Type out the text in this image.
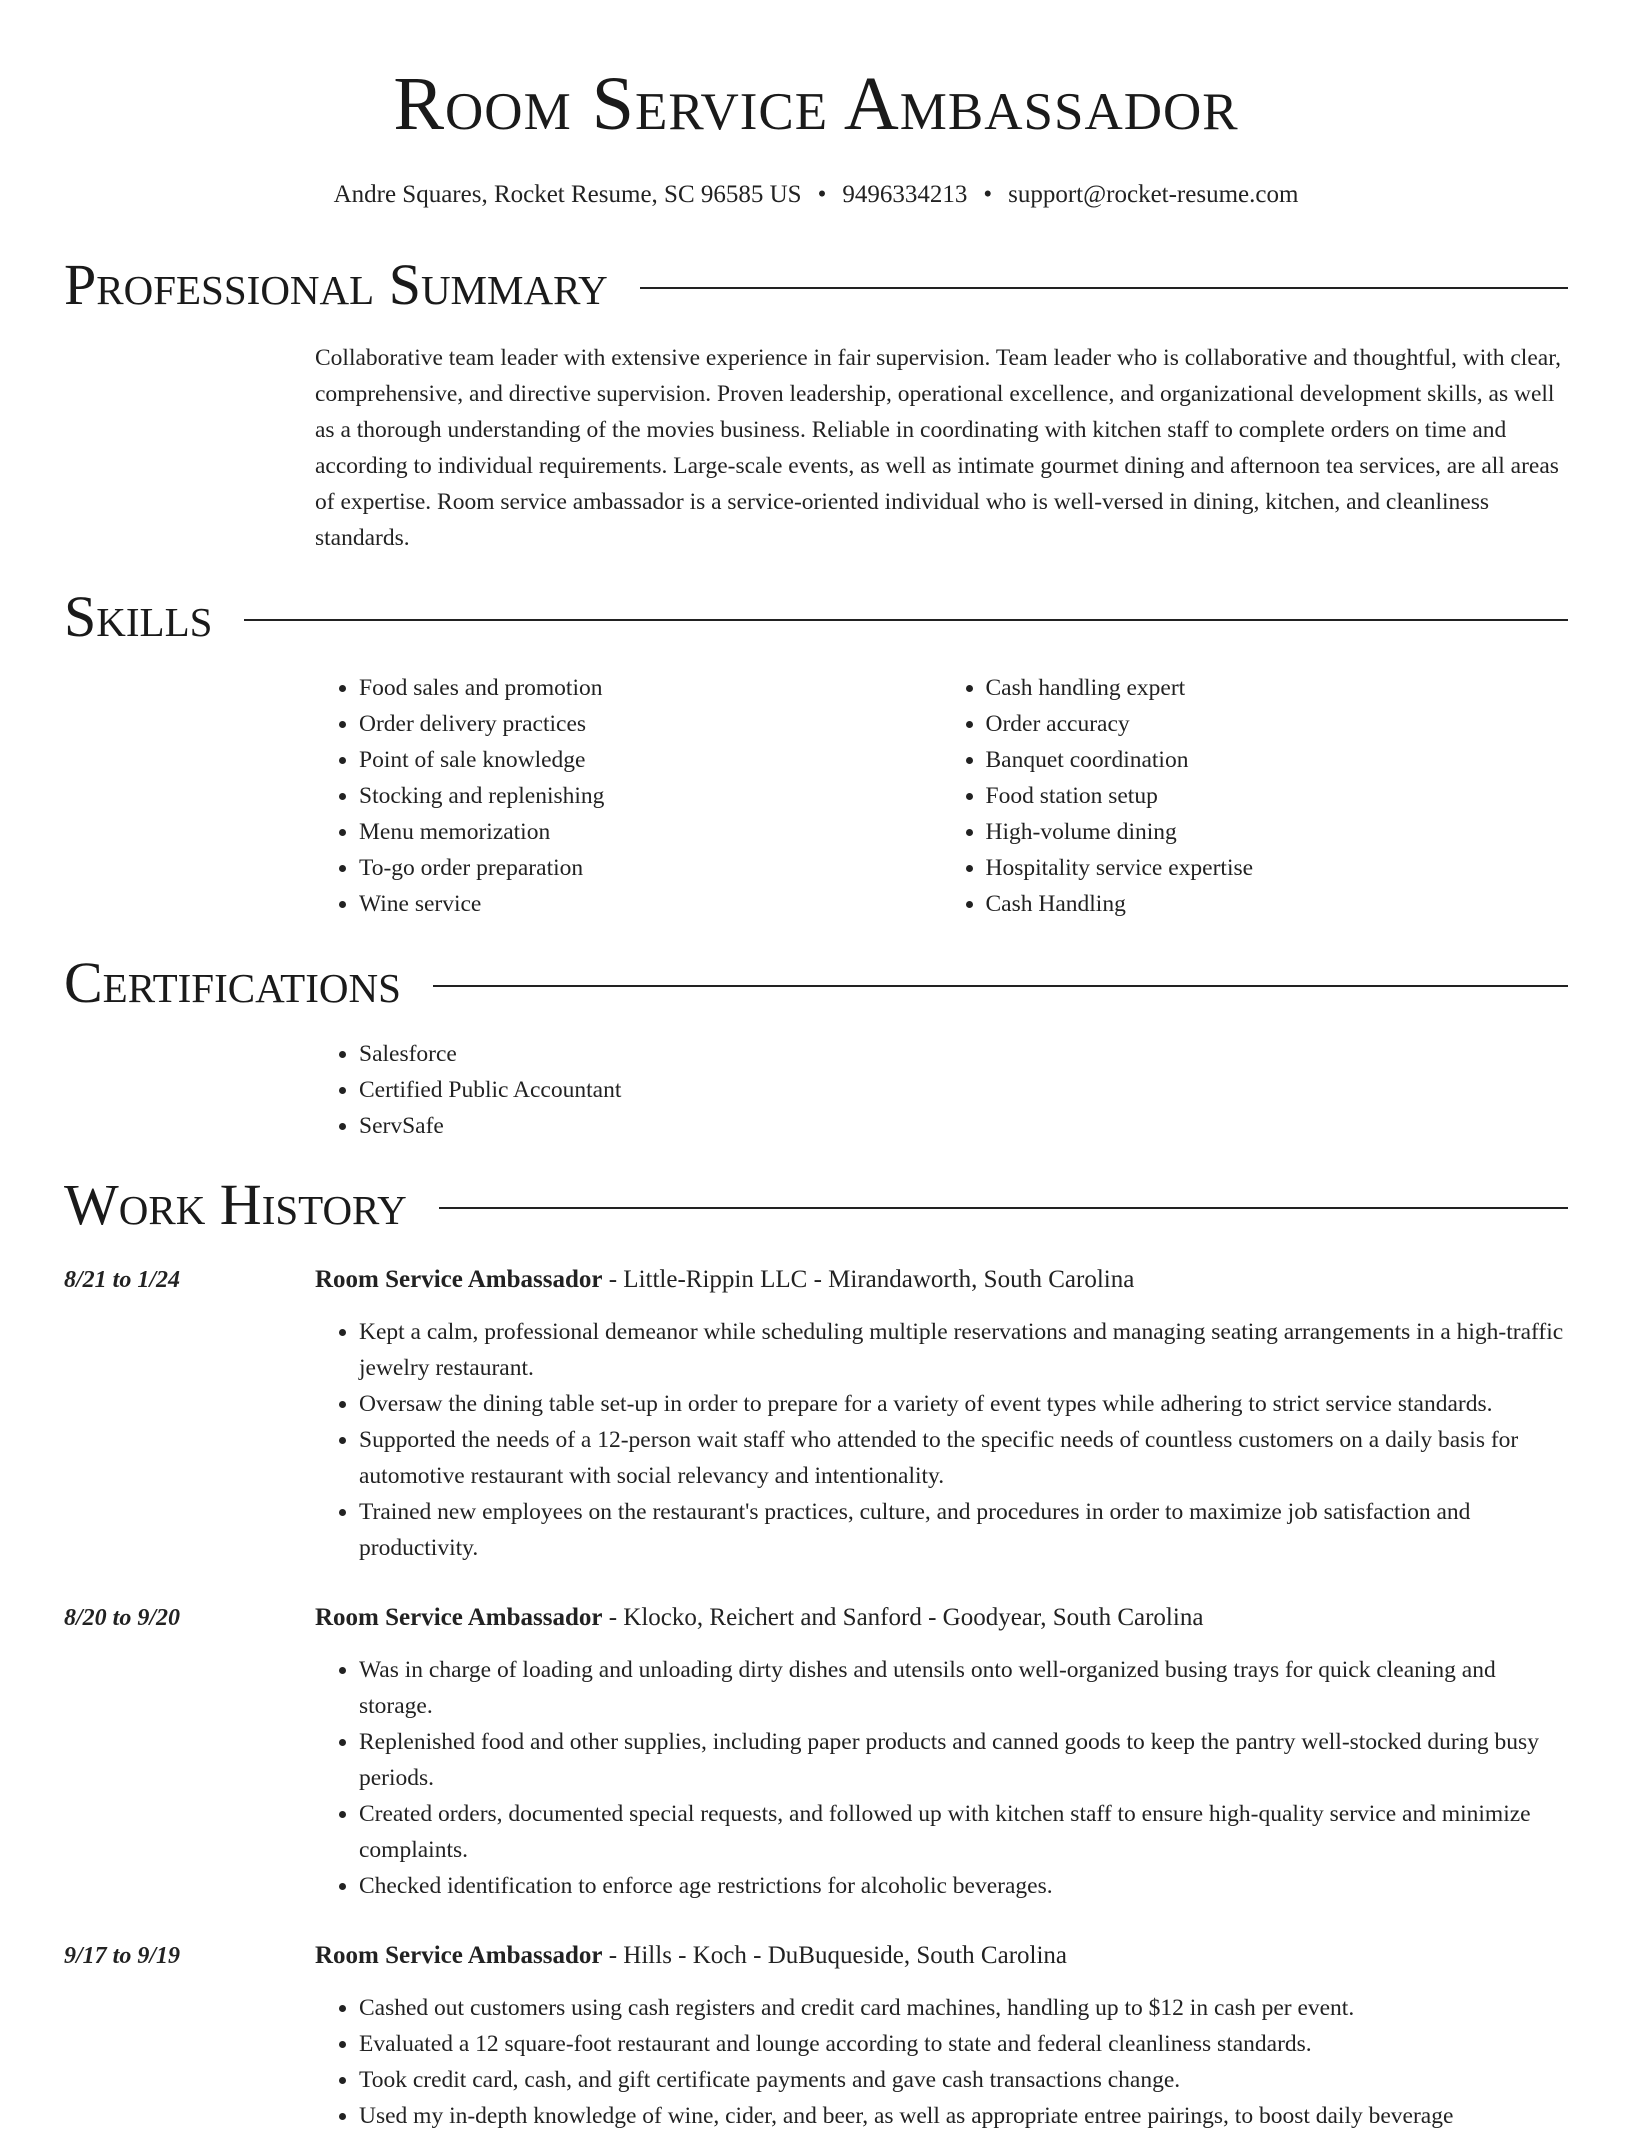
Room Service Ambassador
Andre Squares, Rocket Resume, SC 96585 US • 9496334213 • support@rocket-resume.com
Professional Summary
Collaborative team leader with extensive experience in fair supervision. Team leader who is collaborative and thoughtful, with clear, comprehensive, and directive supervision. Proven leadership, operational excellence, and organizational development skills, as well as a thorough understanding of the movies business. Reliable in coordinating with kitchen staff to complete orders on time and according to individual requirements. Large-scale events, as well as intimate gourmet dining and afternoon tea services, are all areas of expertise. Room service ambassador is a service-oriented individual who is well-versed in dining, kitchen, and cleanliness standards.
Skills
• Food sales and promotion
• Order delivery practices
• Point of sale knowledge
• Stocking and replenishing
• Menu memorization
• To-go order preparation
• Wine service
• Cash handling expert
• Order accuracy
• Banquet coordination
• Food station setup
• High-volume dining
• Hospitality service expertise
• Cash Handling
Certifications
• Salesforce
• Certified Public Accountant
• ServSafe
Work History
8/21 to 1/24	Room Service Ambassador - Little-Rippin LLC - Mirandaworth, South Carolina
• Kept a calm, professional demeanor while scheduling multiple reservations and managing seating arrangements in a high-traffic jewelry restaurant.
• Oversaw the dining table set-up in order to prepare for a variety of event types while adhering to strict service standards.
• Supported the needs of a 12-person wait staff who attended to the specific needs of countless customers on a daily basis for automotive restaurant with social relevancy and intentionality.
• Trained new employees on the restaurant's practices, culture, and procedures in order to maximize job satisfaction and productivity.
8/20 to 9/20	Room Service Ambassador - Klocko, Reichert and Sanford - Goodyear, South Carolina
• Was in charge of loading and unloading dirty dishes and utensils onto well-organized busing trays for quick cleaning and storage.
• Replenished food and other supplies, including paper products and canned goods to keep the pantry well-stocked during busy periods.
• Created orders, documented special requests, and followed up with kitchen staff to ensure high-quality service and minimize complaints.
• Checked identification to enforce age restrictions for alcoholic beverages.
9/17 to 9/19	Room Service Ambassador - Hills - Koch - DuBuqueside, South Carolina
• Cashed out customers using cash registers and credit card machines, handling up to $12 in cash per event.
• Evaluated a 12 square-foot restaurant and lounge according to state and federal cleanliness standards.
• Took credit card, cash, and gift certificate payments and gave cash transactions change.
• Used my in-depth knowledge of wine, cider, and beer, as well as appropriate entree pairings, to boost daily beverage
